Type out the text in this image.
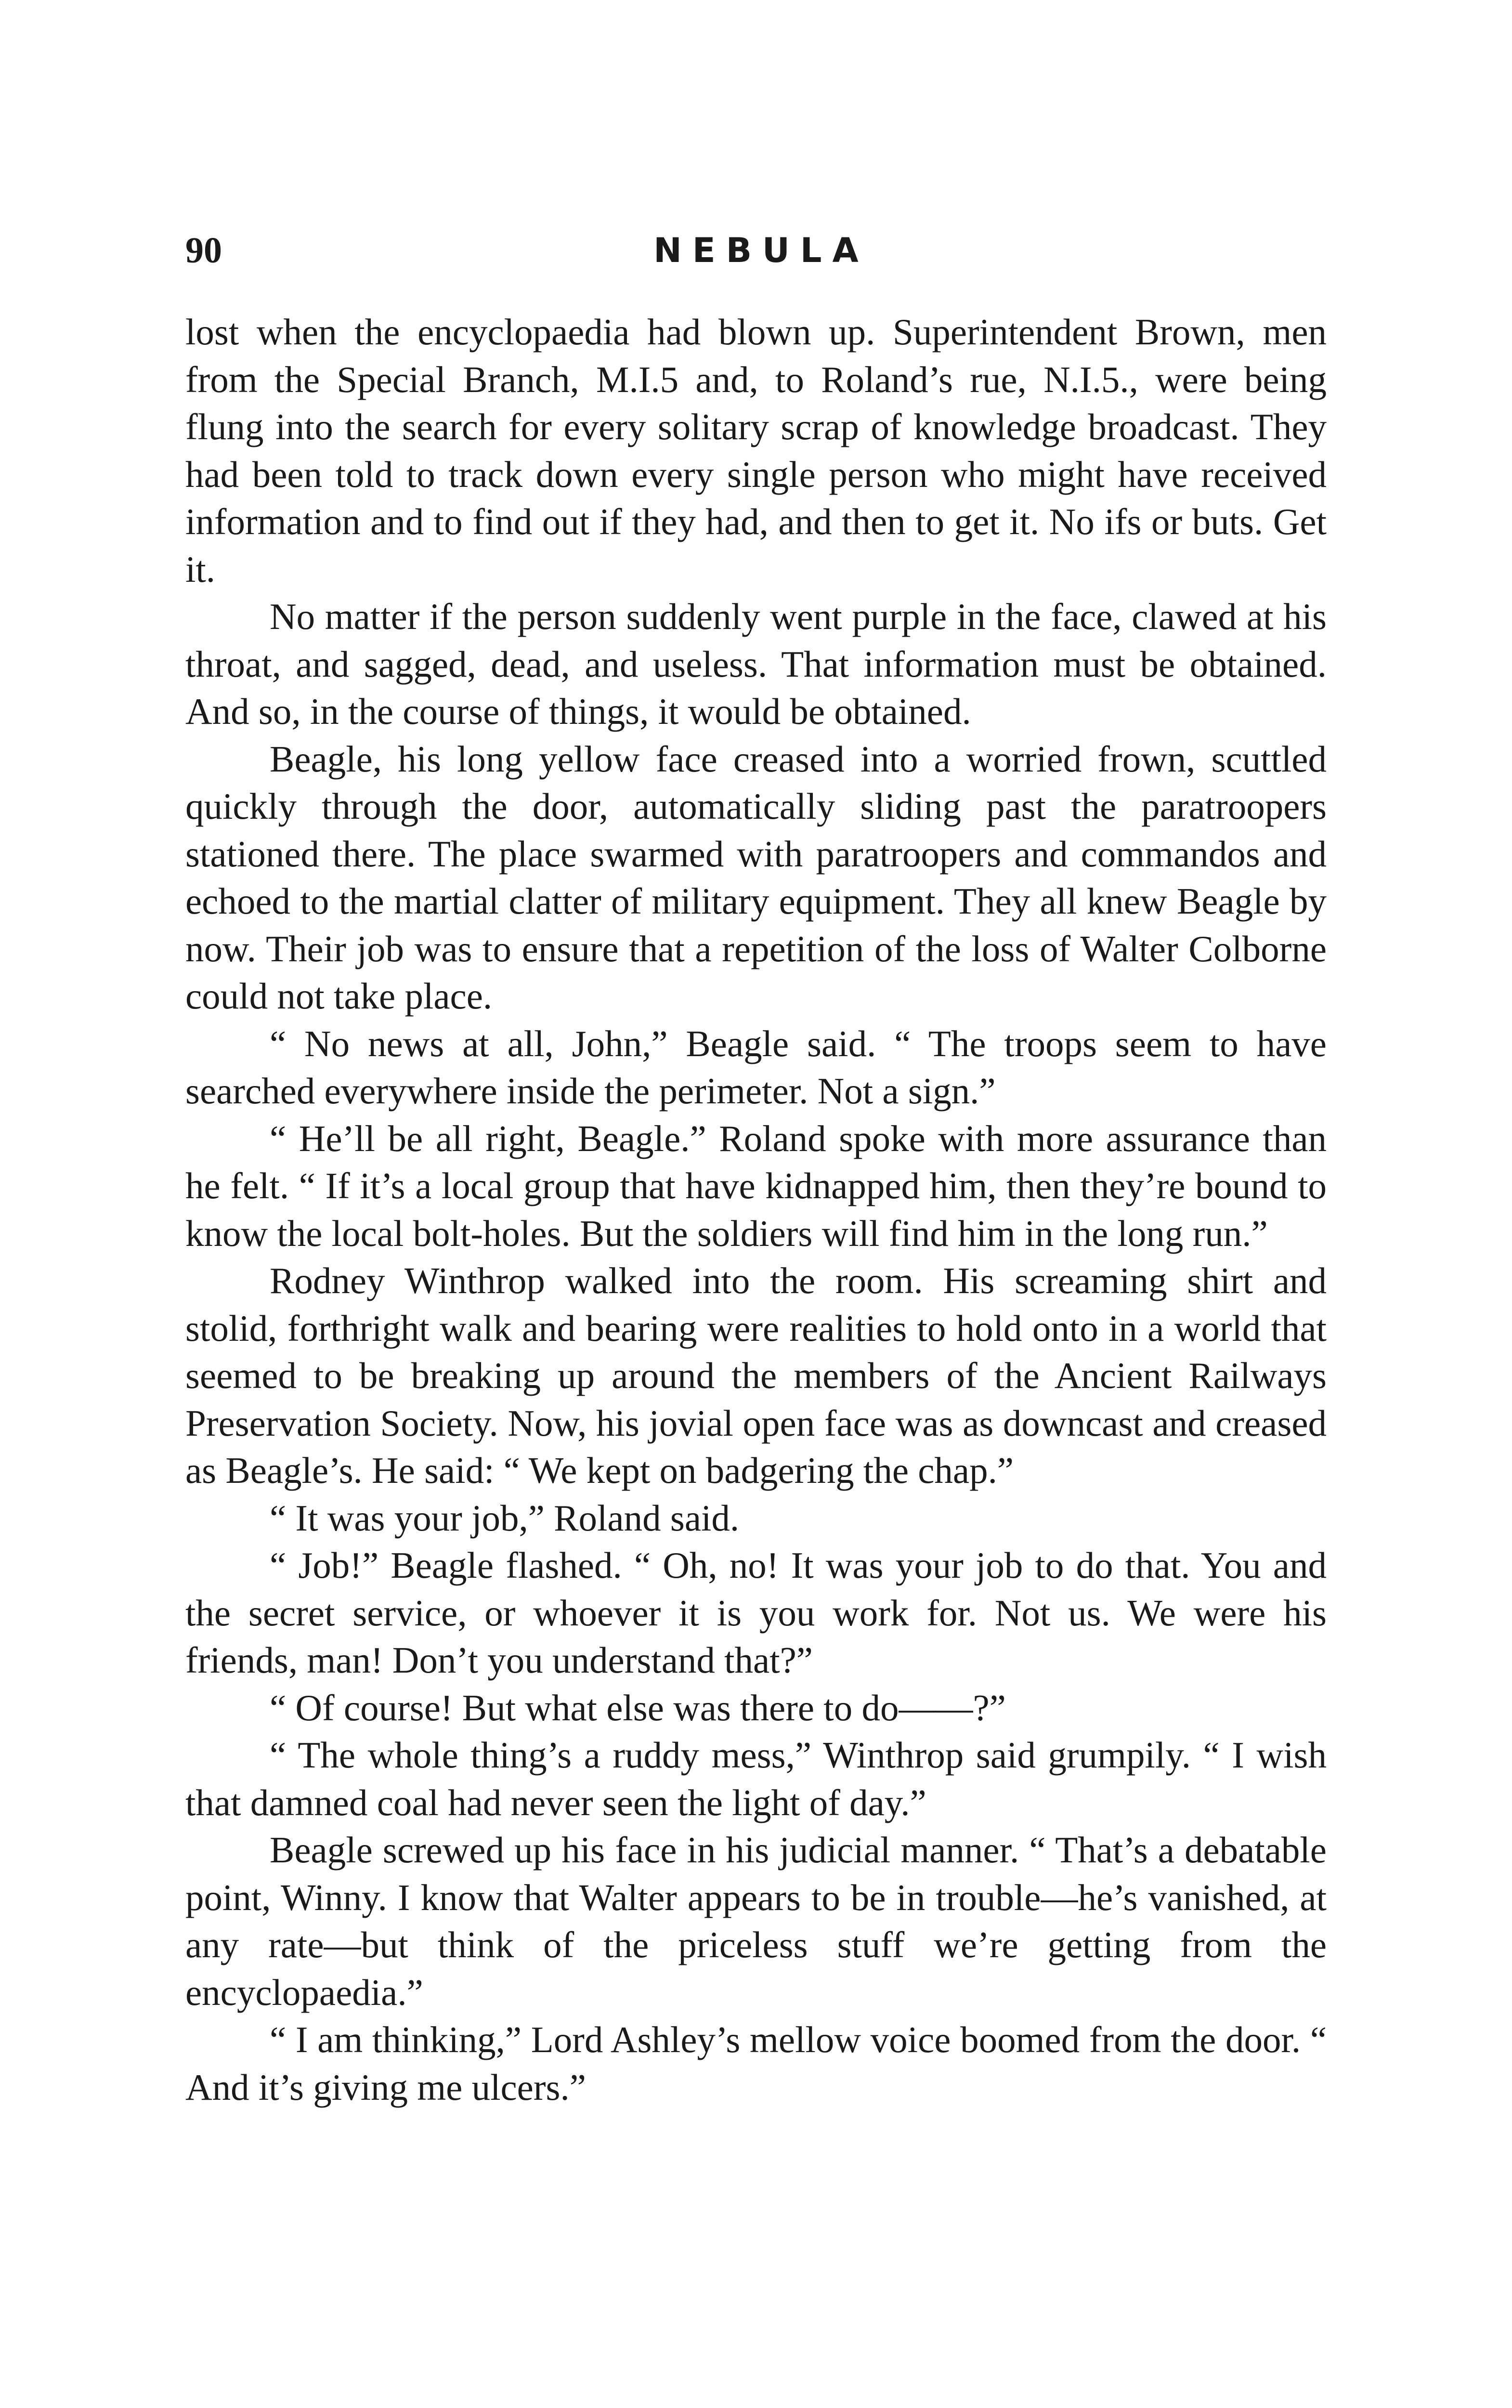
90	NEBULA

lost when the encyclopaedia had blown up. Superintendent Brown, men from the Special Branch, M.I.5 and, to Roland’s rue, N.I.5., were being flung into the search for every solitary scrap of knowledge broadcast. They had been told to track down every single person who might have received information and to find out if they had, and then to get it. No ifs or buts. Get it.

No matter if the person suddenly went purple in the face, clawed at his throat, and sagged, dead, and useless. That information must be obtained. And so, in the course of things, it would be obtained.

Beagle, his long yellow face creased into a worried frown, scuttled quickly through the door, automatically sliding past the paratroopers stationed there. The place swarmed with paratroopers and commandos and echoed to the martial clatter of military equipment. They all knew Beagle by now. Their job was to ensure that a repetition of the loss of Walter Colborne could not take place.

“ No news at all, John,” Beagle said. “ The troops seem to have searched everywhere inside the perimeter. Not a sign.”

“ He’ll be all right, Beagle.” Roland spoke with more assurance than he felt. “ If it’s a local group that have kidnapped him, then they’re bound to know the local bolt-holes. But the soldiers will find him in the long run.”

Rodney Winthrop walked into the room. His screaming shirt and stolid, forthright walk and bearing were realities to hold onto in a world that seemed to be breaking up around the members of the Ancient Railways Preservation Society. Now, his jovial open face was as downcast and creased as Beagle’s. He said: “ We kept on badgering the chap.”

“ It was your job,” Roland said.

“ Job!” Beagle flashed. “ Oh, no! It was your job to do that. You and the secret service, or whoever it is you work for. Not us. We were his friends, man! Don’t you understand that?”

“ Of course! But what else was there to do——?”

“ The whole thing’s a ruddy mess,” Winthrop said grumpily. “ I wish that damned coal had never seen the light of day.”

Beagle screwed up his face in his judicial manner. “ That’s a debatable point, Winny. I know that Walter appears to be in trouble—he’s vanished, at any rate—but think of the priceless stuff we’re getting from the encyclopaedia.”

“ I am thinking,” Lord Ashley’s mellow voice boomed from the door. “ And it’s giving me ulcers.”
